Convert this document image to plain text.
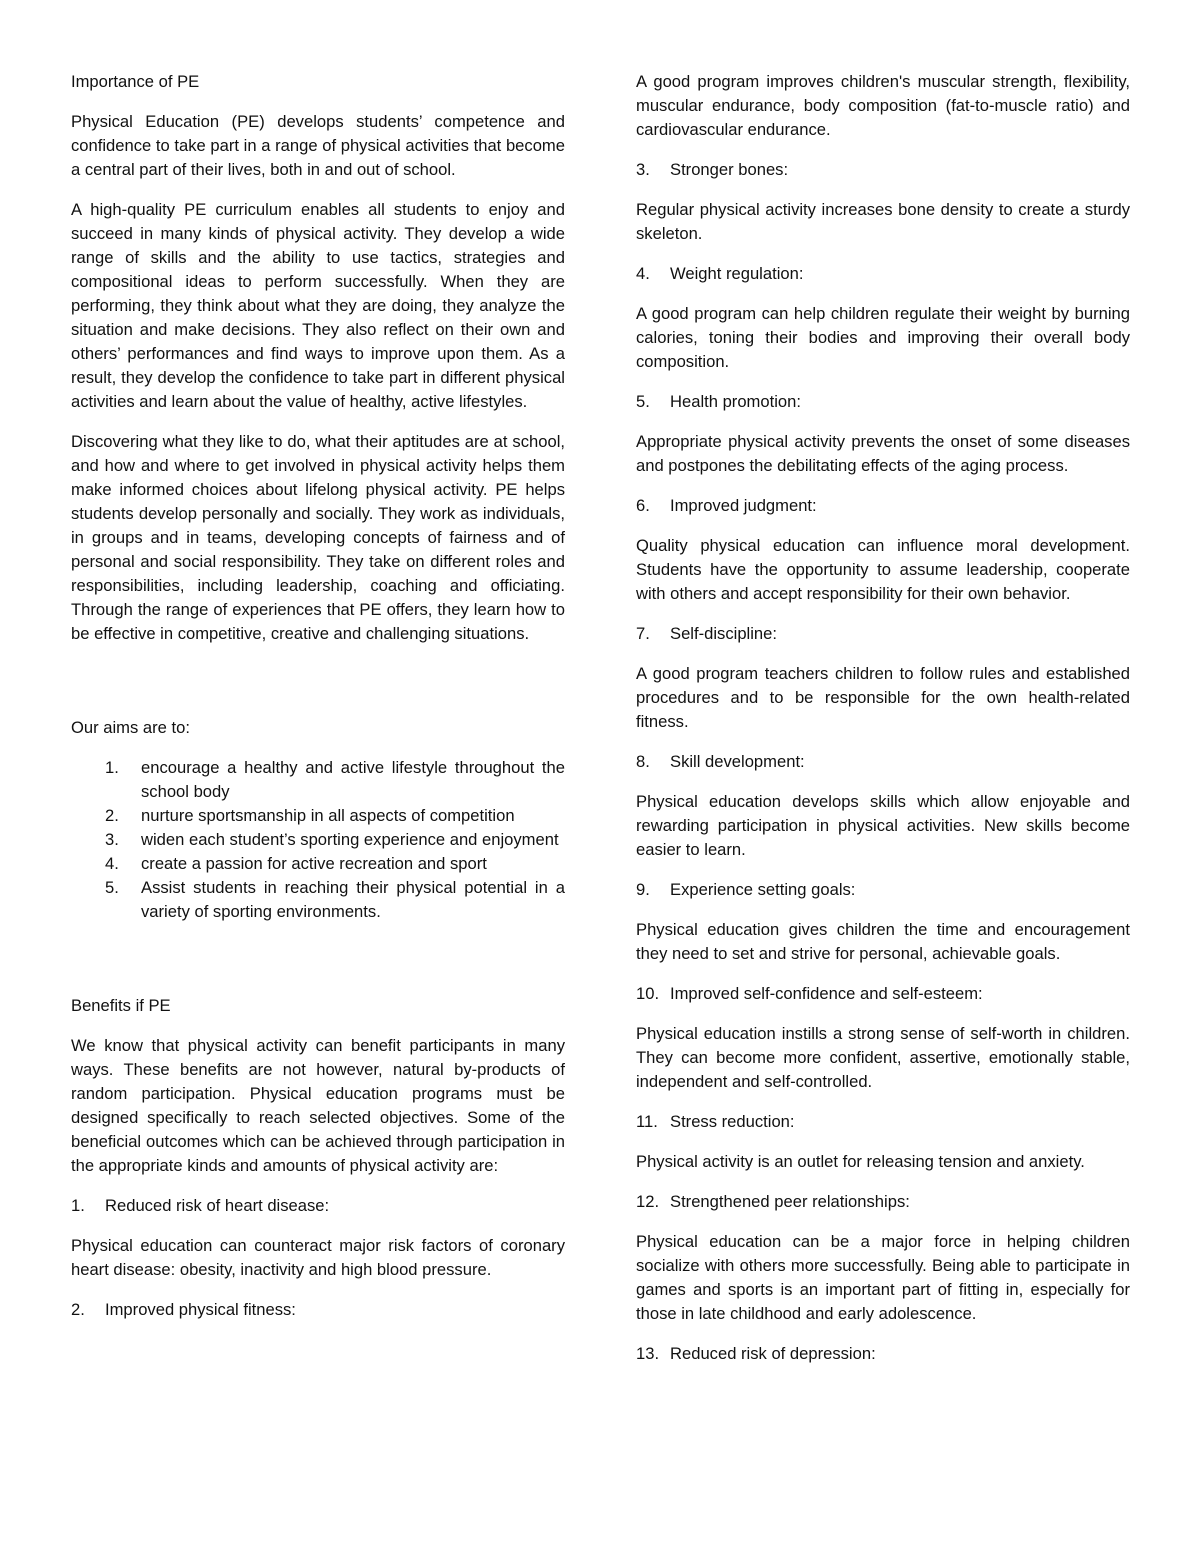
Importance of PE

Physical Education (PE) develops students’ competence and confidence to take part in a range of physical activities that become a central part of their lives, both in and out of school.

A high-quality PE curriculum enables all students to enjoy and succeed in many kinds of physical activity. They develop a wide range of skills and the ability to use tactics, strategies and compositional ideas to perform successfully. When they are performing, they think about what they are doing, they analyze the situation and make decisions. They also reflect on their own and others’ performances and find ways to improve upon them. As a result, they develop the confidence to take part in different physical activities and learn about the value of healthy, active lifestyles.

Discovering what they like to do, what their aptitudes are at school, and how and where to get involved in physical activity helps them make informed choices about lifelong physical activity. PE helps students develop personally and socially. They work as individuals, in groups and in teams, developing concepts of fairness and of personal and social responsibility. They take on different roles and responsibilities, including leadership, coaching and officiating. Through the range of experiences that PE offers, they learn how to be effective in competitive, creative and challenging situations.

Our aims are to:
1. encourage a healthy and active lifestyle throughout the school body
2. nurture sportsmanship in all aspects of competition
3. widen each student’s sporting experience and enjoyment
4. create a passion for active recreation and sport
5. Assist students in reaching their physical potential in a variety of sporting environments.
Benefits if PE

We know that physical activity can benefit participants in many ways. These benefits are not however, natural by-products of random participation. Physical education programs must be designed specifically to reach selected objectives. Some of the beneficial outcomes which can be achieved through participation in the appropriate kinds and amounts of physical activity are:

1. Reduced risk of heart disease:

Physical education can counteract major risk factors of coronary heart disease: obesity, inactivity and high blood pressure.

2. Improved physical fitness:

A good program improves children's muscular strength, flexibility, muscular endurance, body composition (fat-to-muscle ratio) and cardiovascular endurance.

3. Stronger bones:

Regular physical activity increases bone density to create a sturdy skeleton.

4. Weight regulation:

A good program can help children regulate their weight by burning calories, toning their bodies and improving their overall body composition.

5. Health promotion:

Appropriate physical activity prevents the onset of some diseases and postpones the debilitating effects of the aging process.

6. Improved judgment:

Quality physical education can influence moral development. Students have the opportunity to assume leadership, cooperate with others and accept responsibility for their own behavior.

7. Self-discipline:

A good program teachers children to follow rules and established procedures and to be responsible for the own health-related fitness.

8. Skill development:

Physical education develops skills which allow enjoyable and rewarding participation in physical activities. New skills become easier to learn.

9. Experience setting goals:

Physical education gives children the time and encouragement they need to set and strive for personal, achievable goals.

10. Improved self-confidence and self-esteem:

Physical education instills a strong sense of self-worth in children. They can become more confident, assertive, emotionally stable, independent and self-controlled.

11. Stress reduction:

Physical activity is an outlet for releasing tension and anxiety.

12. Strengthened peer relationships:

Physical education can be a major force in helping children socialize with others more successfully. Being able to participate in games and sports is an important part of fitting in, especially for those in late childhood and early adolescence.

13. Reduced risk of depression:
